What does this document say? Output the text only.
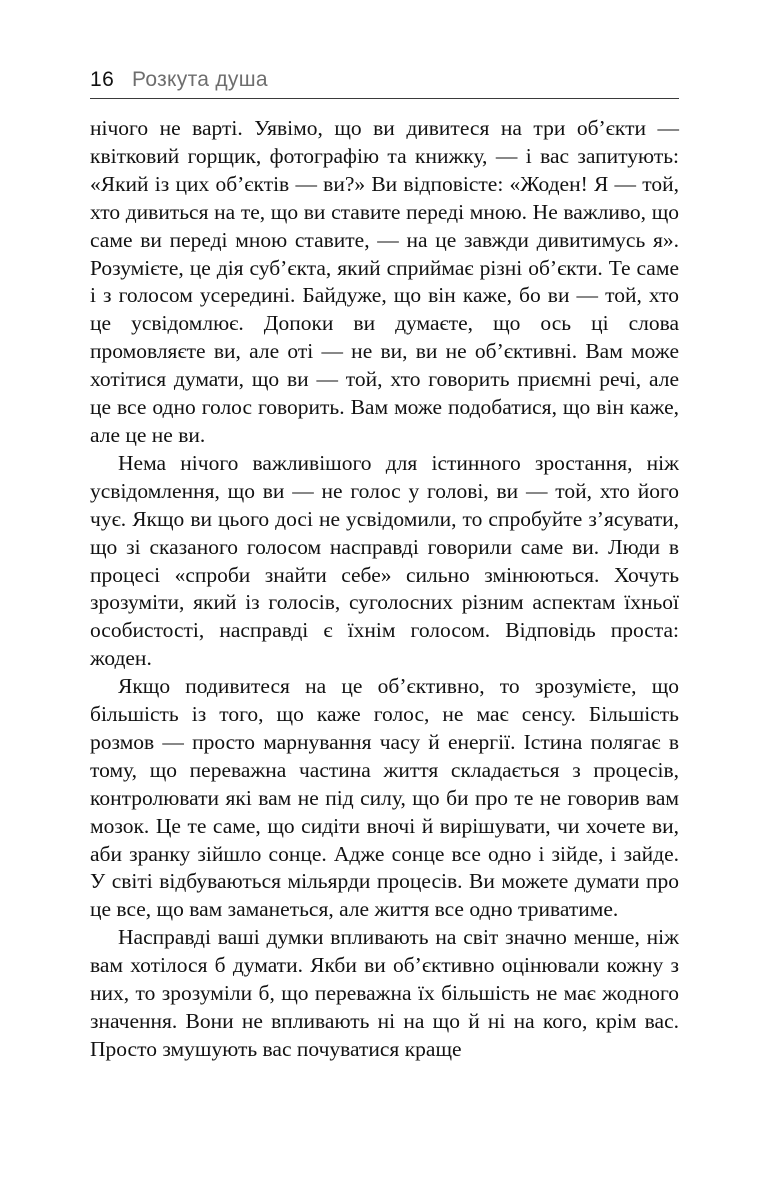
16 Розкута душа

нічого не варті. Уявімо, що ви дивитеся на три об’єкти — квітковий горщик, фотографію та книжку, — і вас запитують: «Який із цих об’єктів — ви?» Ви відповісте: «Жоден! Я — той, хто дивиться на те, що ви ставите переді мною. Не важливо, що саме ви переді мною ставите, — на це завжди дивитимусь я». Розумієте, це дія суб’єкта, який сприймає різні об’єкти. Те саме і з голосом усередині. Байдуже, що він каже, бо ви — той, хто це усвідомлює. Допоки ви думаєте, що ось ці слова промовляєте ви, але оті — не ви, ви не об’єктивні. Вам може хотітися думати, що ви — той, хто говорить приємні речі, але це все одно голос говорить. Вам може подобатися, що він каже, але це не ви.

Нема нічого важливішого для істинного зростання, ніж усвідомлення, що ви — не голос у голові, ви — той, хто його чує. Якщо ви цього досі не усвідомили, то спробуйте з’ясувати, що зі сказаного голосом насправді говорили саме ви. Люди в процесі «спроби знайти себе» сильно змінюються. Хочуть зрозуміти, який із голосів, суголосних різним аспектам їхньої особистості, насправді є їхнім голосом. Відповідь проста: жоден.

Якщо подивитеся на це об’єктивно, то зрозумієте, що більшість із того, що каже голос, не має сенсу. Більшість розмов — просто марнування часу й енергії. Істина полягає в тому, що переважна частина життя складається з процесів, контролювати які вам не під силу, що би про те не говорив вам мозок. Це те саме, що сидіти вночі й вирішувати, чи хочете ви, аби зранку зійшло сонце. Адже сонце все одно і зійде, і зайде. У світі відбуваються мільярди процесів. Ви можете думати про це все, що вам заманеться, але життя все одно триватиме.

Насправді ваші думки впливають на світ значно менше, ніж вам хотілося б думати. Якби ви об’єктивно оцінювали кожну з них, то зрозуміли б, що переважна їх більшість не має жодного значення. Вони не впливають ні на що й ні на кого, крім вас. Просто змушують вас почуватися краще
